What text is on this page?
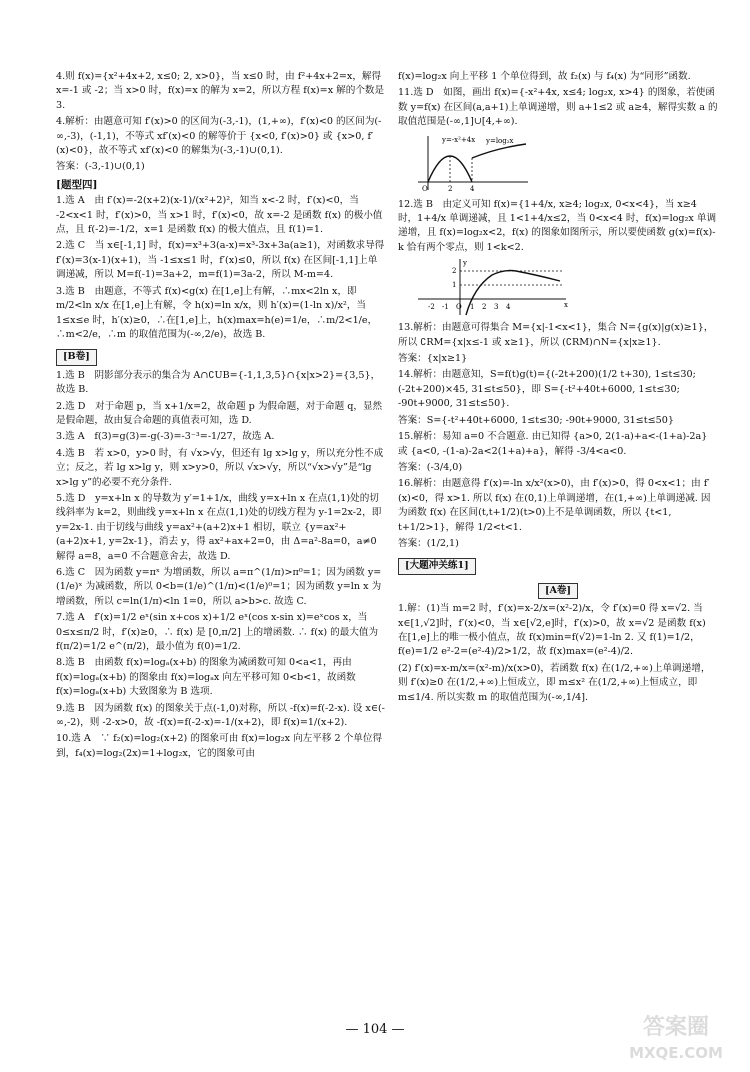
4.则 f(x)={x²+4x+2, x≤0; 2, x>0}，当 x≤0 时，由 f²+4x+2=x，解得 x=-1 或 -2；当 x>0 时，f(x)=x 的解为 x=2，所以方程 f(x)=x 解的个数是 3.

4.解析：由题意可知 f′(x)>0 的区间为(-3,-1)，(1,+∞)，f′(x)<0 的区间为(-∞,-3)，(-1,1)，不等式 xf′(x)<0 的解等价于 {x<0, f′(x)>0} 或 {x>0, f′(x)<0}，故不等式 xf′(x)<0 的解集为(-3,-1)∪(0,1).

答案：(-3,-1)∪(0,1)

[题型四]

1.选 A　由 f′(x)=-2(x+2)(x-1)/(x²+2)²，知当 x<-2 时，f′(x)<0，当 -2<x<1 时，f′(x)>0，当 x>1 时，f′(x)<0，故 x=-2 是函数 f(x) 的极小值点，且 f(-2)=-1/2，x=1 是函数 f(x) 的极大值点，且 f(1)=1.

2.选 C　当 x∈[-1,1] 时，f(x)=x³+3(a-x)=x³-3x+3a(a≥1)，对函数求导得 f′(x)=3(x-1)(x+1)，当 -1≤x≤1 时，f′(x)≤0，所以 f(x) 在区间[-1,1]上单调递减，所以 M=f(-1)=3a+2，m=f(1)=3a-2，所以 M-m=4.

3.选 B　由题意，不等式 f(x)<g(x) 在[1,e]上有解，∴mx<2ln x，即 m/2<ln x/x 在[1,e]上有解，令 h(x)=ln x/x，则 h′(x)=(1-ln x)/x²，当 1≤x≤e 时，h′(x)≥0，∴在[1,e]上，h(x)max=h(e)=1/e，∴m/2<1/e，∴m<2/e，∴m 的取值范围为(-∞,2/e)，故选 B.

[B卷]

1.选 B　阴影部分表示的集合为 A∩∁UB={-1,1,3,5}∩{x|x>2}={3,5}，故选 B.

2.选 D　对于命题 p，当 x+1/x=2，故命题 p 为假命题，对于命题 q，显然是假命题，故由复合命题的真值表可知，选 D.

3.选 A　f(3)=g(3)=-g(-3)=-3⁻³=-1/27，故选 A.

4.选 B　若 x>0，y>0 时，有 √x>√y，但还有 lg x>lg y，所以充分性不成立；反之，若 lg x>lg y，则 x>y>0，所以 √x>√y，所以“√x>√y”是“lg x>lg y”的必要不充分条件.

5.选 D　y=x+ln x 的导数为 y′=1+1/x，曲线 y=x+ln x 在点(1,1)处的切线斜率为 k=2，则曲线 y=x+ln x 在点(1,1)处的切线方程为 y-1=2x-2，即 y=2x-1. 由于切线与曲线 y=ax²+(a+2)x+1 相切，联立 {y=ax²+(a+2)x+1, y=2x-1}，消去 y，得 ax²+ax+2=0，由 Δ=a²-8a=0，a≠0 解得 a=8，a=0 不合题意舍去，故选 D.

6.选 C　因为函数 y=πˣ 为增函数，所以 a=π^(1/π)>π⁰=1；因为函数 y=(1/e)ˣ 为减函数，所以 0<b=(1/e)^(1/π)<(1/e)⁰=1；因为函数 y=ln x 为增函数，所以 c=ln(1/π)<ln 1=0，所以 a>b>c. 故选 C.

7.选 A　f′(x)=1/2 eˣ(sin x+cos x)+1/2 eˣ(cos x-sin x)=eˣcos x，当 0≤x≤π/2 时，f′(x)≥0，∴ f(x) 是 [0,π/2] 上的增函数. ∴ f(x) 的最大值为 f(π/2)=1/2 e^(π/2)，最小值为 f(0)=1/2.

8.选 B　由函数 f(x)=logₐ(x+b) 的图象为减函数可知 0<a<1，再由 f(x)=logₐ(x+b) 的图象由 f(x)=logₐx 向左平移可知 0<b<1，故函数 f(x)=logₐ(x+b) 大致图象为 B 选项.

9.选 B　因为函数 f(x) 的图象关于点(-1,0)对称，所以 -f(x)=f(-2-x). 设 x∈(-∞,-2)，则 -2-x>0，故 -f(x)=f(-2-x)=-1/(x+2)，即 f(x)=1/(x+2).

10.选 A　∵ f₂(x)=log₂(x+2) 的图象可由 f(x)=log₂x 向左平移 2 个单位得到，f₄(x)=log₂(2x)=1+log₂x，它的图象可由

f(x)=log₂x 向上平移 1 个单位得到，故 f₂(x) 与 f₄(x) 为“同形”函数.

11.选 D　如图，画出 f(x)={-x²+4x, x≤4; log₂x, x>4} 的图象，若使函数 y=f(x) 在区间(a,a+1)上单调递增，则 a+1≤2 或 a≥4，解得实数 a 的取值范围是(-∞,1]∪[4,+∞).

y=-x²+4x y=log₂x
O	2	4

12.选 B　由定义可知 f(x)={1+4/x, x≥4; log₂x, 0<x<4}，当 x≥4 时，1+4/x 单调递减，且 1<1+4/x≤2，当 0<x<4 时，f(x)=log₂x 单调递增，且 f(x)=log₂x<2，f(x) 的图象如图所示，所以要使函数 g(x)=f(x)-k 恰有两个零点，则 1<k<2.

-2 -1 O 1 2 3 4
2
1
x
y

13.解析：由题意可得集合 M={x|-1<x<1}，集合 N={g(x)|g(x)≥1}，所以 ∁RM={x|x≤-1 或 x≥1}，所以 (∁RM)∩N={x|x≥1}.

答案：{x|x≥1}

14.解析：由题意知，S=f(t)g(t)={(-2t+200)(1/2 t+30), 1≤t≤30; (-2t+200)×45, 31≤t≤50}，即 S={-t²+40t+6000, 1≤t≤30; -90t+9000, 31≤t≤50}.

答案：S={-t²+40t+6000, 1≤t≤30; -90t+9000, 31≤t≤50}

15.解析：易知 a=0 不合题意. 由已知得 {a>0, 2(1-a)+a<-(1+a)-2a} 或 {a<0, -(1-a)-2a<2(1+a)+a}，解得 -3/4<a<0.

答案：(-3/4,0)

16.解析：由题意得 f′(x)=-ln x/x²(x>0)，由 f′(x)>0，得 0<x<1；由 f′(x)<0，得 x>1. 所以 f(x) 在(0,1)上单调递增，在(1,+∞)上单调递减. 因为函数 f(x) 在区间(t,t+1/2)(t>0)上不是单调函数，所以 {t<1, t+1/2>1}，解得 1/2<t<1.

答案：(1/2,1)

[大题冲关练1]
[A卷]

1.解：(1)当 m=2 时，f′(x)=x-2/x=(x²-2)/x，令 f′(x)=0 得 x=√2. 当 x∈[1,√2]时，f′(x)<0，当 x∈[√2,e]时，f′(x)>0，故 x=√2 是函数 f(x) 在[1,e]上的唯一极小值点，故 f(x)min=f(√2)=1-ln 2. 又 f(1)=1/2，f(e)=1/2 e²-2=(e²-4)/2>1/2，故 f(x)max=(e²-4)/2.

(2) f′(x)=x-m/x=(x²-m)/x(x>0)，若函数 f(x) 在(1/2,+∞)上单调递增，则 f′(x)≥0 在(1/2,+∞)上恒成立，即 m≤x² 在(1/2,+∞)上恒成立，即 m≤1/4. 所以实数 m 的取值范围为(-∞,1/4].

— 104 —	答案圈
MXQE.COM
